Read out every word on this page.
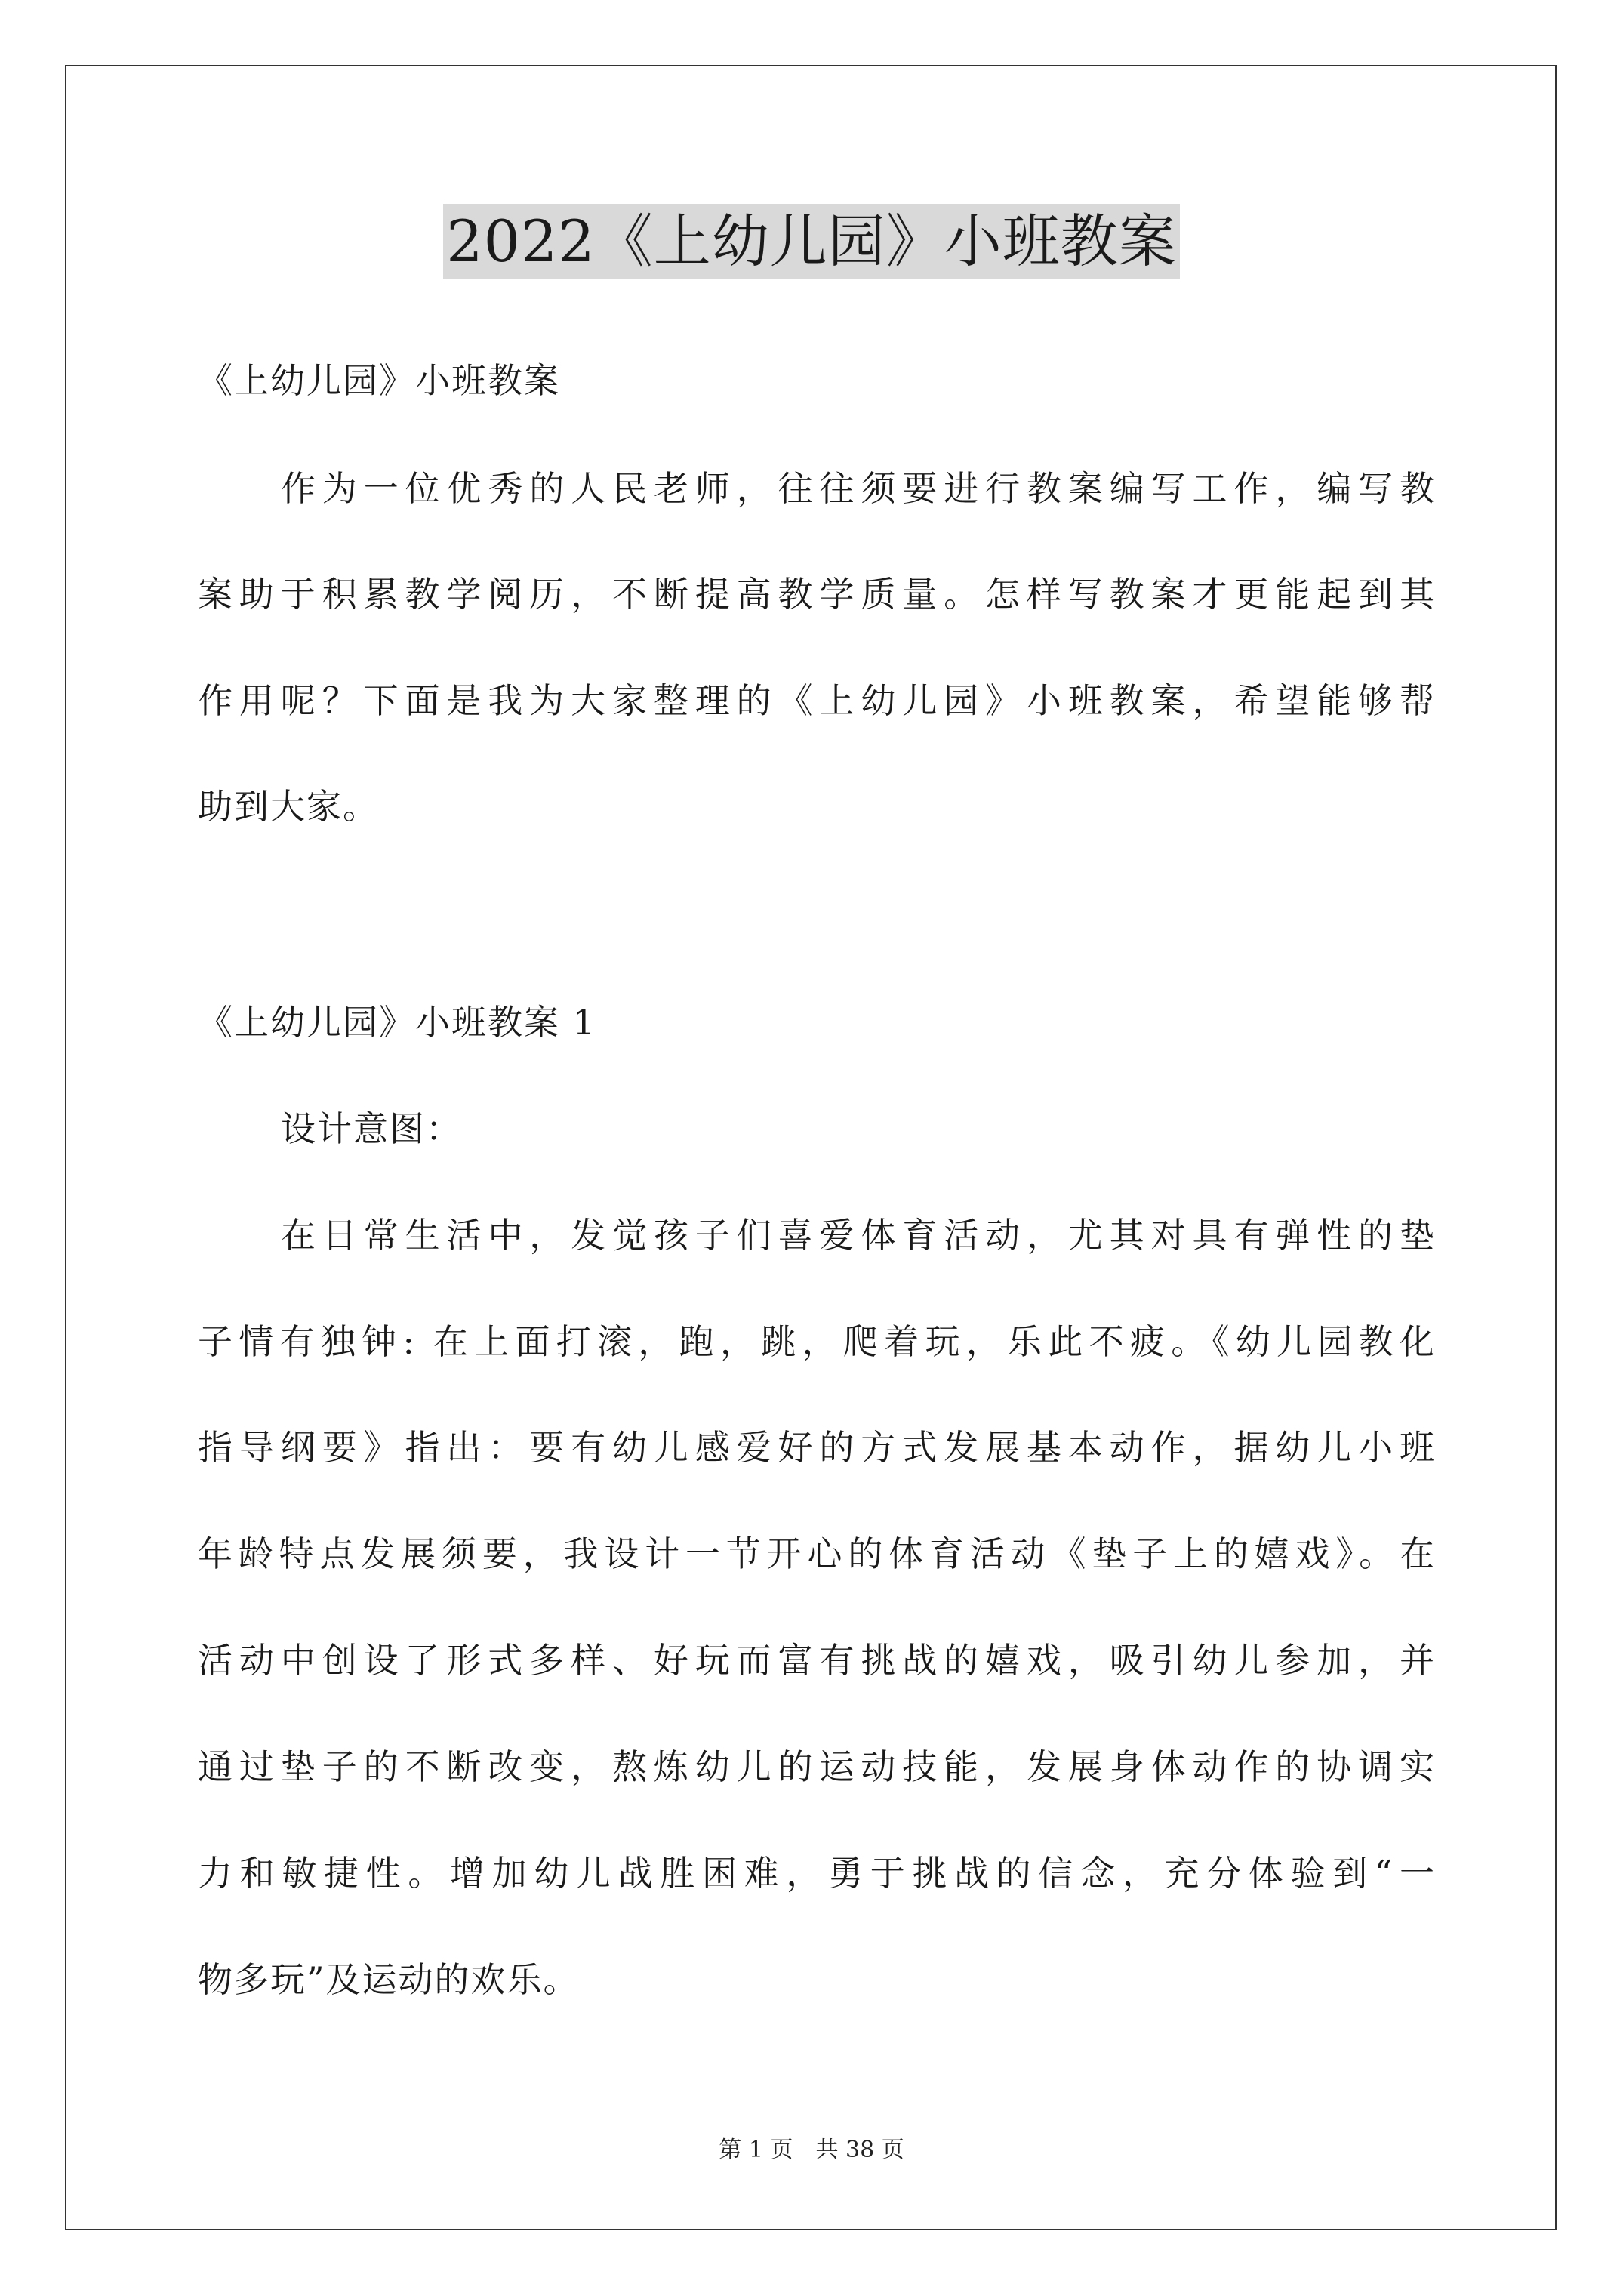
2022《上幼儿园》小班教案
《上幼儿园》小班教案
作为一位优秀的人民老师，往往须要进行教案编写工作，编写教
案助于积累教学阅历，不断提高教学质量。怎样写教案才更能起到其
作用呢？下面是我为大家整理的《上幼儿园》小班教案，希望能够帮
助到大家。
《上幼儿园》小班教案 1
设计意图：
在日常生活中，发觉孩子们喜爱体育活动，尤其对具有弹性的垫
子情有独钟: 在上面打滚，跑，跳，爬着玩，乐此不疲。《幼儿园教化
指导纲要》指出：要有幼儿感爱好的方式发展基本动作，据幼儿小班
年龄特点发展须要，我设计一节开心的体育活动《垫子上的嬉戏》。在
活动中创设了形式多样、好玩而富有挑战的嬉戏，吸引幼儿参加，并
通过垫子的不断改变，熬炼幼儿的运动技能，发展身体动作的协调实
力和敏捷性。增加幼儿战胜困难，勇于挑战的信念，充分体验到“一
物多玩”及运动的欢乐。
第 1 页　共 38 页
